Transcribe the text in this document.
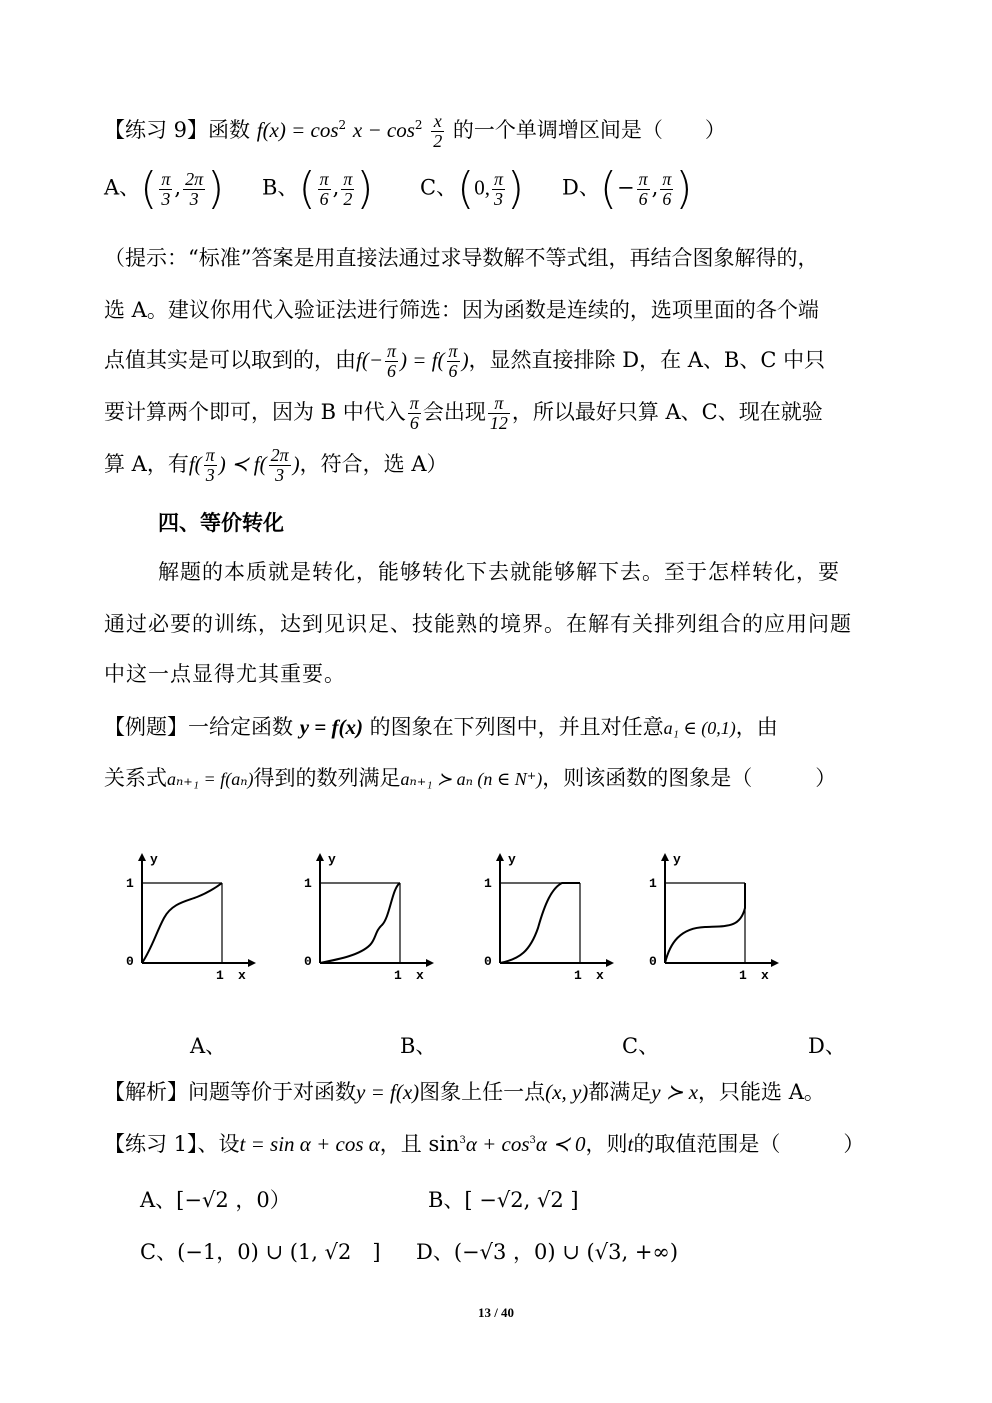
【练习 9】函数 $f(x) = \cos^2 x - \cos^2 \frac{x}{2}$ 的一个单调增区间是（　　）
A、( $\frac{\pi}{3}$ , $\frac{2\pi}{3}$ ) B、( $\frac{\pi}{6}$ , $\frac{\pi}{2}$ ) C、(0, $\frac{\pi}{3}$ ) D、(− $\frac{\pi}{6}$ , $\frac{\pi}{6}$ )
（提示：“标准”答案是用直接法通过求导数解不等式组，再结合图象解得的，
选 A。建议你用代入验证法进行筛选：因为函数是连续的，选项里面的各个端
点值其实是可以取到的，由$f(- \frac{\pi}{6}$ ) = $f( \frac{\pi}{6}$ )，显然直接排除 D，在 A、B、C 中只
要计算两个即可，因为 B 中代入 $\frac{\pi}{6}$ 会出现 $\frac{\pi}{12}$ ，所以最好只算 A、C、现在就验
算 A，有$f( \frac{\pi}{3}$ ) ≺ $f( \frac{2\pi}{3}$ )，符合，选 A）
四、等价转化
解题的本质就是转化，能够转化下去就能够解下去。至于怎样转化，要
通过必要的训练，达到见识足、技能熟的境界。在解有关排列组合的应用问题
中这一点显得尤其重要。
【例题】一给定函数 y = f(x) 的图象在下列图中，并且对任意a₁ ∈ (0,1)，由
关系式aₙ₊₁ = f(aₙ)得到的数列满足aₙ₊₁ ≻ aₙ (n ∈ N⁺)，则该函数的图象是（　　　）
y
1
0
1 x
y
1
0
1 x
y
1
0
1 x
y
1
0
1 x
A、	B、	C、	D、
【解析】问题等价于对函数y = f(x)图象上任一点(x, y)都满足y ≻ x，只能选 A。
【练习 1】、设t = sin α + cos α，且 $\sin^3\alpha + \cos^3\alpha$ ≺ 0，则t的取值范围是（　　　）
A、[−√2 ，0）	B、[ −√2, √2 ]
C、(−1，0) ∪ (1, √2　] D、(−√3 ，0) ∪ (√3, +∞)
13 / 40
